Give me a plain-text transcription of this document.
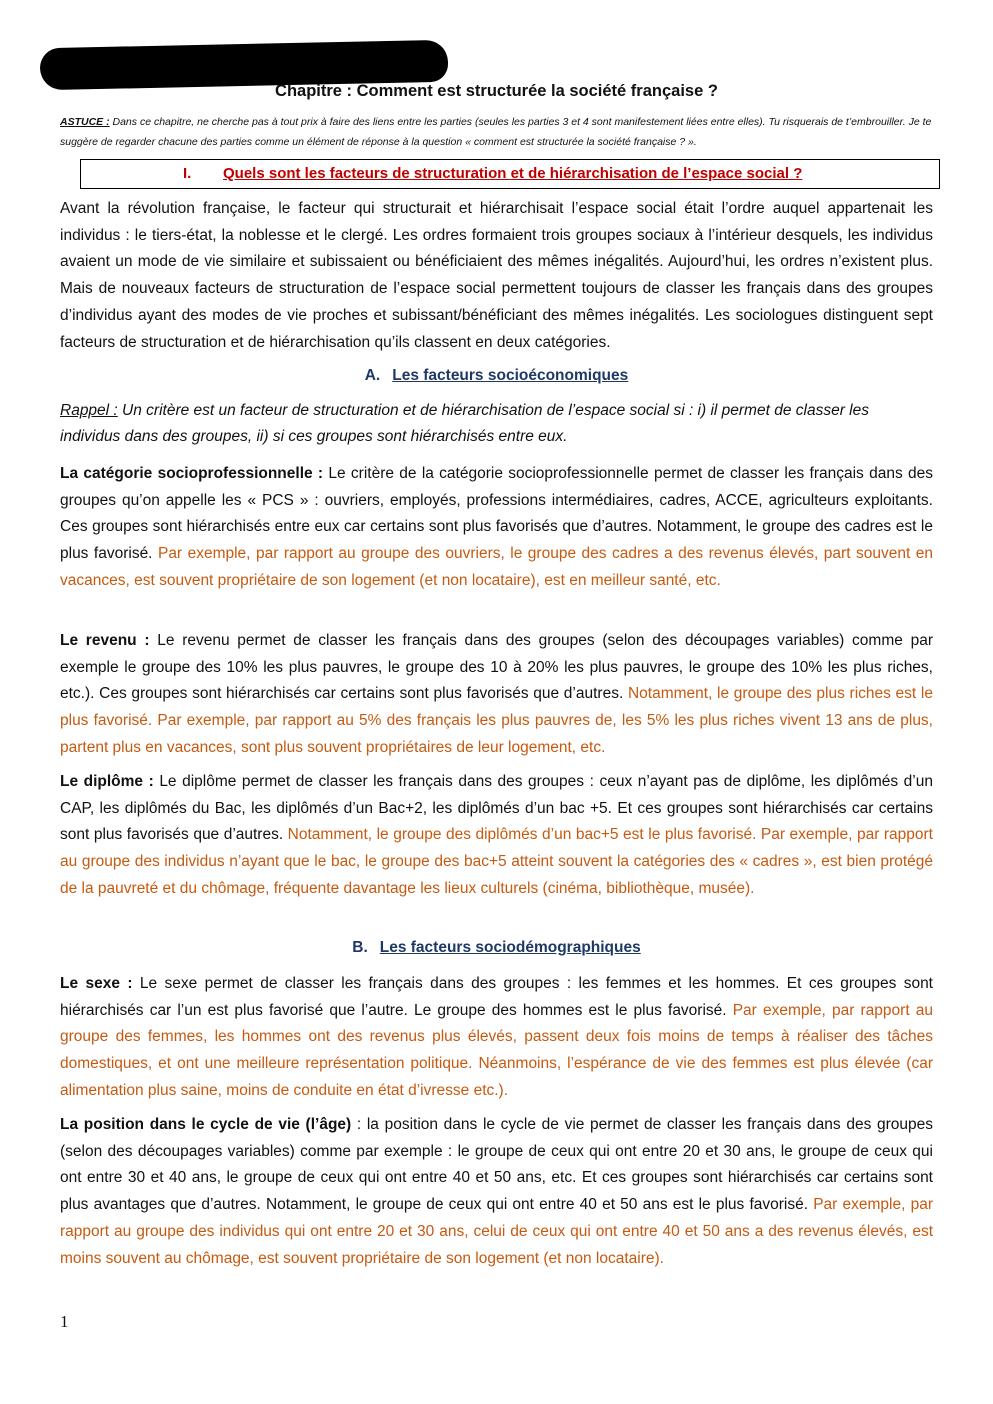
Chapitre : Comment est structurée la société française ?
ASTUCE : Dans ce chapitre, ne cherche pas à tout prix à faire des liens entre les parties (seules les parties 3 et 4 sont manifestement liées entre elles). Tu risquerais de t’embrouiller. Je te suggère de regarder chacune des parties comme un élément de réponse à la question « comment est structurée la société française ? ».
I. Quels sont les facteurs de structuration et de hiérarchisation de l’espace social ?
Avant la révolution française, le facteur qui structurait et hiérarchisait l’espace social était l’ordre auquel appartenait les individus : le tiers-état, la noblesse et le clergé. Les ordres formaient trois groupes sociaux à l’intérieur desquels, les individus avaient un mode de vie similaire et subissaient ou bénéficiaient des mêmes inégalités. Aujourd’hui, les ordres n’existent plus. Mais de nouveaux facteurs de structuration de l’espace social permettent toujours de classer les français dans des groupes d’individus ayant des modes de vie proches et subissant/bénéficiant des mêmes inégalités. Les sociologues distinguent sept facteurs de structuration et de hiérarchisation qu’ils classent en deux catégories.
A. Les facteurs socioéconomiques
Rappel : Un critère est un facteur de structuration et de hiérarchisation de l’espace social si : i) il permet de classer les individus dans des groupes, ii) si ces groupes sont hiérarchisés entre eux.
La catégorie socioprofessionnelle : Le critère de la catégorie socioprofessionnelle permet de classer les français dans des groupes qu’on appelle les « PCS » : ouvriers, employés, professions intermédiaires, cadres, ACCE, agriculteurs exploitants. Ces groupes sont hiérarchisés entre eux car certains sont plus favorisés que d’autres. Notamment, le groupe des cadres est le plus favorisé. Par exemple, par rapport au groupe des ouvriers, le groupe des cadres a des revenus élevés, part souvent en vacances, est souvent propriétaire de son logement (et non locataire), est en meilleur santé, etc.
Le revenu : Le revenu permet de classer les français dans des groupes (selon des découpages variables) comme par exemple le groupe des 10% les plus pauvres, le groupe des 10 à 20% les plus pauvres, le groupe des 10% les plus riches, etc.). Ces groupes sont hiérarchisés car certains sont plus favorisés que d’autres. Notamment, le groupe des plus riches est le plus favorisé. Par exemple, par rapport au 5% des français les plus pauvres de, les 5% les plus riches vivent 13 ans de plus, partent plus en vacances, sont plus souvent propriétaires de leur logement, etc.
Le diplôme : Le diplôme permet de classer les français dans des groupes : ceux n’ayant pas de diplôme, les diplômés d’un CAP, les diplômés du Bac, les diplômés d’un Bac+2, les diplômés d’un bac +5. Et ces groupes sont hiérarchisés car certains sont plus favorisés que d’autres. Notamment, le groupe des diplômés d’un bac+5 est le plus favorisé. Par exemple, par rapport au groupe des individus n’ayant que le bac, le groupe des bac+5 atteint souvent la catégories des « cadres », est bien protégé de la pauvreté et du chômage, fréquente davantage les lieux culturels (cinéma, bibliothèque, musée).
B. Les facteurs sociodémographiques
Le sexe : Le sexe permet de classer les français dans des groupes : les femmes et les hommes. Et ces groupes sont hiérarchisés car l’un est plus favorisé que l’autre. Le groupe des hommes est le plus favorisé. Par exemple, par rapport au groupe des femmes, les hommes ont des revenus plus élevés, passent deux fois moins de temps à réaliser des tâches domestiques, et ont une meilleure représentation politique. Néanmoins, l’espérance de vie des femmes est plus élevée (car alimentation plus saine, moins de conduite en état d’ivresse etc.).
La position dans le cycle de vie (l’âge) : la position dans le cycle de vie permet de classer les français dans des groupes (selon des découpages variables) comme par exemple : le groupe de ceux qui ont entre 20 et 30 ans, le groupe de ceux qui ont entre 30 et 40 ans, le groupe de ceux qui ont entre 40 et 50 ans, etc. Et ces groupes sont hiérarchisés car certains sont plus avantages que d’autres. Notamment, le groupe de ceux qui ont entre 40 et 50 ans est le plus favorisé. Par exemple, par rapport au groupe des individus qui ont entre 20 et 30 ans, celui de ceux qui ont entre 40 et 50 ans a des revenus élevés, est moins souvent au chômage, est souvent propriétaire de son logement (et non locataire).
1
